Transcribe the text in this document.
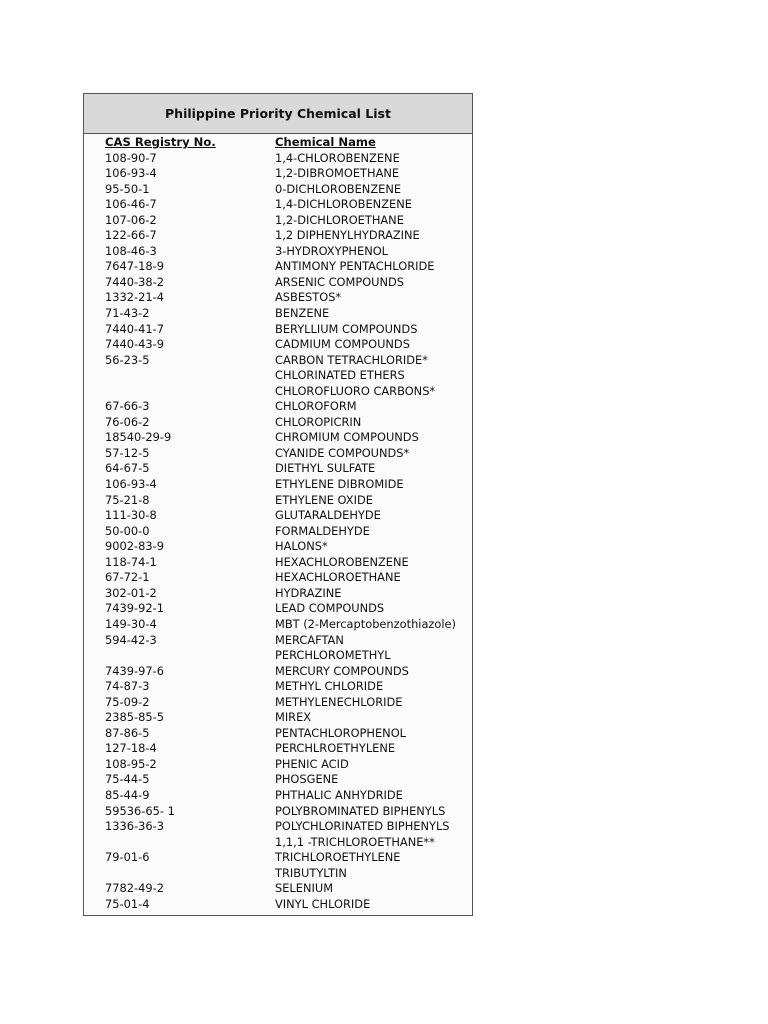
Philippine Priority Chemical List
CAS Registry No.	Chemical Name
108-90-7	1,4-CHLOROBENZENE
106-93-4	1,2-DIBROMOETHANE
95-50-1	0-DICHLOROBENZENE
106-46-7	1,4-DICHLOROBENZENE
107-06-2	1,2-DICHLOROETHANE
122-66-7	1,2 DIPHENYLHYDRAZINE
108-46-3	3-HYDROXYPHENOL
7647-18-9	ANTIMONY PENTACHLORIDE
7440-38-2	ARSENIC COMPOUNDS
1332-21-4	ASBESTOS*
71-43-2	BENZENE
7440-41-7	BERYLLIUM COMPOUNDS
7440-43-9	CADMIUM COMPOUNDS
56-23-5	CARBON TETRACHLORIDE*
CHLORINATED ETHERS
CHLOROFLUORO CARBONS*
67-66-3	CHLOROFORM
76-06-2	CHLOROPICRIN
18540-29-9	CHROMIUM COMPOUNDS
57-12-5	CYANIDE COMPOUNDS*
64-67-5	DIETHYL SULFATE
106-93-4	ETHYLENE DIBROMIDE
75-21-8	ETHYLENE OXIDE
111-30-8	GLUTARALDEHYDE
50-00-0	FORMALDEHYDE
9002-83-9	HALONS*
118-74-1	HEXACHLOROBENZENE
67-72-1	HEXACHLOROETHANE
302-01-2	HYDRAZINE
7439-92-1	LEAD COMPOUNDS
149-30-4	MBT (2-Mercaptobenzothiazole)
594-42-3	MERCAFTAN
PERCHLOROMETHYL
7439-97-6	MERCURY COMPOUNDS
74-87-3	METHYL CHLORIDE
75-09-2	METHYLENECHLORIDE
2385-85-5	MIREX
87-86-5	PENTACHLOROPHENOL
127-18-4	PERCHLROETHYLENE
108-95-2	PHENIC ACID
75-44-5	PHOSGENE
85-44-9	PHTHALIC ANHYDRIDE
59536-65- 1	POLYBROMINATED BIPHENYLS
1336-36-3	POLYCHLORINATED BIPHENYLS
1,1,1 -TRICHLOROETHANE**
79-01-6	TRICHLOROETHYLENE
TRIBUTYLTIN
7782-49-2	SELENIUM
75-01-4	VINYL CHLORIDE
